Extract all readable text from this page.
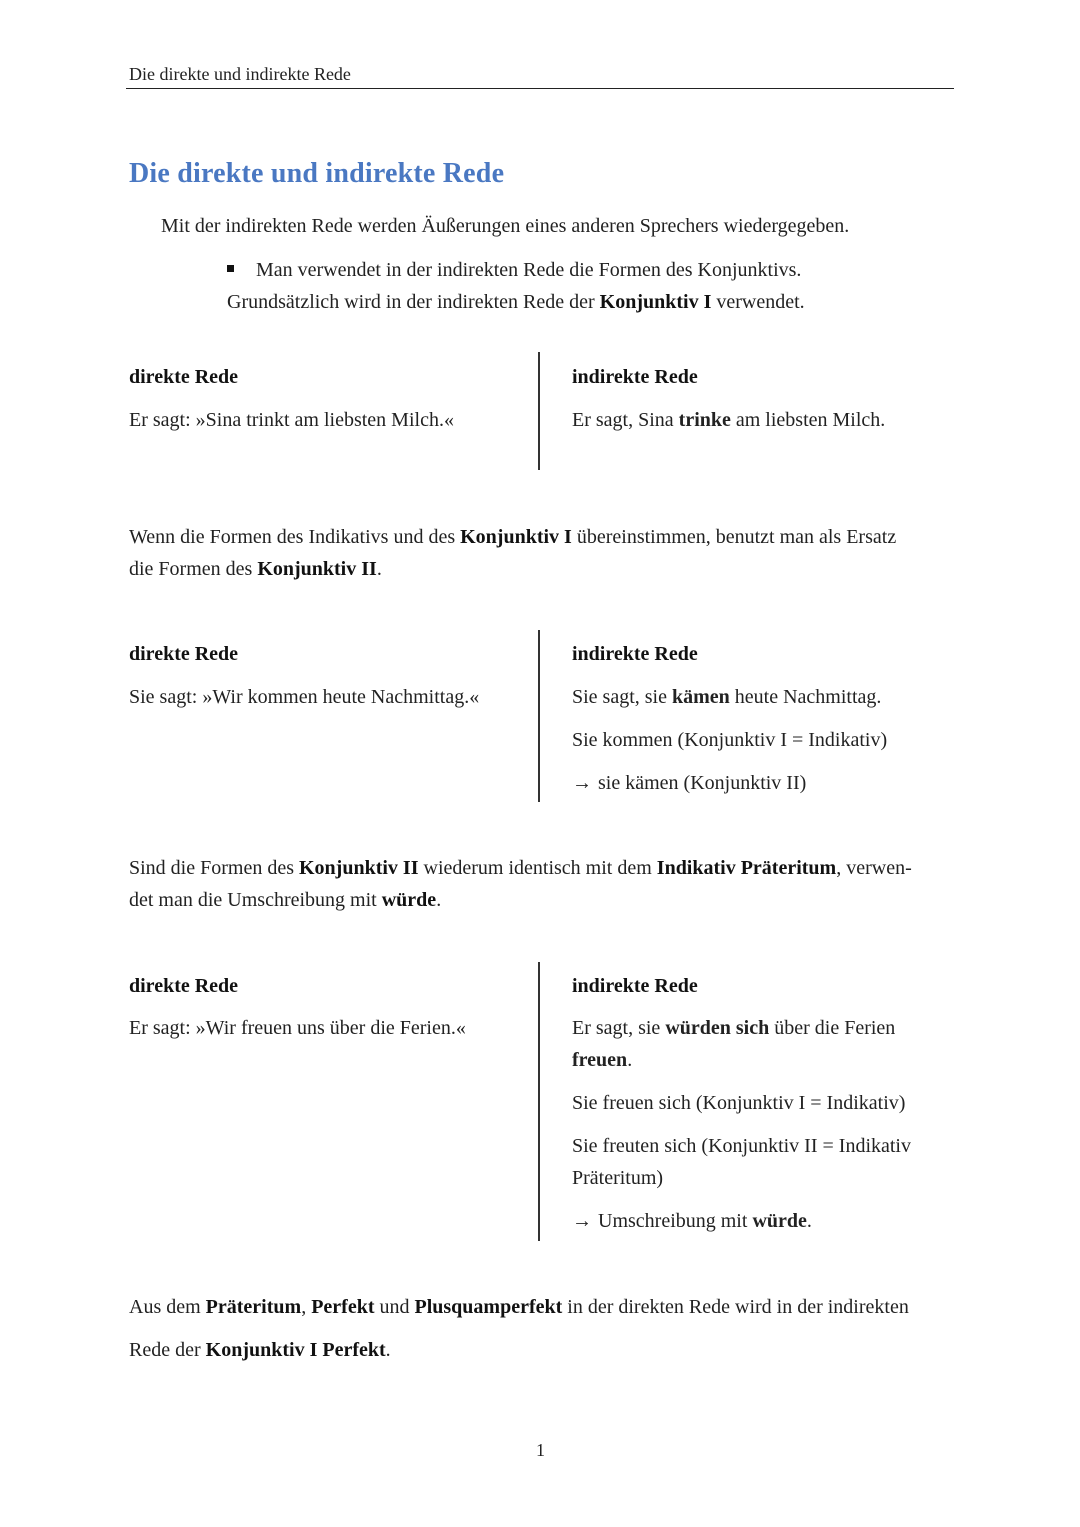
Die direkte und indirekte Rede
Die direkte und indirekte Rede
Mit der indirekten Rede werden Äußerungen eines anderen Sprechers wiedergegeben.
Man verwendet in der indirekten Rede die Formen des Konjunktivs.
Grundsätzlich wird in der indirekten Rede der Konjunktiv I verwendet.
direkte Rede
Er sagt: »Sina trinkt am liebsten Milch.«
indirekte Rede
Er sagt, Sina trinke am liebsten Milch.
Wenn die Formen des Indikativs und des Konjunktiv I übereinstimmen, benutzt man als Ersatz
die Formen des Konjunktiv II.
direkte Rede
Sie sagt: »Wir kommen heute Nachmittag.«
indirekte Rede
Sie sagt, sie kämen heute Nachmittag.
Sie kommen (Konjunktiv I = Indikativ)
→ sie kämen (Konjunktiv II)
Sind die Formen des Konjunktiv II wiederum identisch mit dem Indikativ Präteritum, verwen-
det man die Umschreibung mit würde.
direkte Rede
Er sagt: »Wir freuen uns über die Ferien.«
indirekte Rede
Er sagt, sie würden sich über die Ferien
freuen.
Sie freuen sich (Konjunktiv I = Indikativ)
Sie freuten sich (Konjunktiv II = Indikativ
Präteritum)
→ Umschreibung mit würde.
Aus dem Präteritum, Perfekt und Plusquamperfekt in der direkten Rede wird in der indirekten
Rede der Konjunktiv I Perfekt.
1
